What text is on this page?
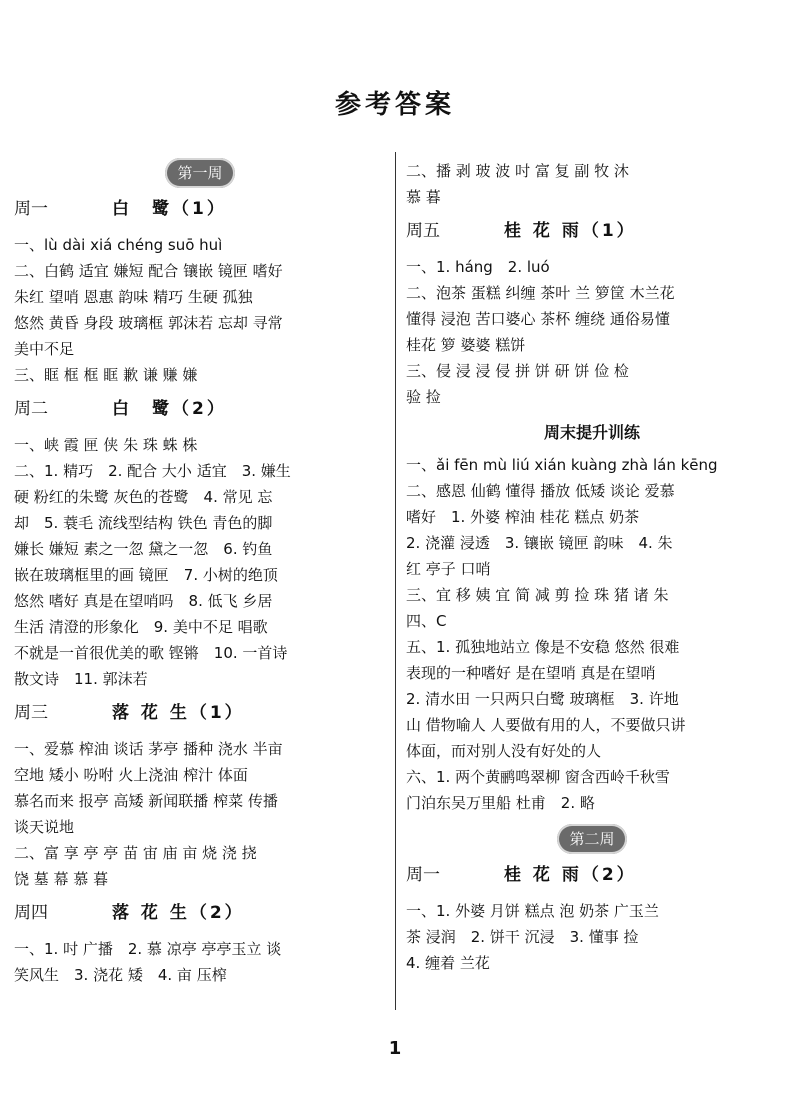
参考答案
第一周
周一	白　鹭（1）
一、lù dài xiá chéng suō huì
二、白鹤 适宜 嫌短 配合 镶嵌 镜匣 嗜好
朱红 望哨 恩惠 韵味 精巧 生硬 孤独
悠然 黄昏 身段 玻璃框 郭沫若 忘却 寻常
美中不足
三、眶 框 框 眶 歉 谦 赚 嫌
周二	白　鹭（2）
一、峡 霞 匣 侠 朱 珠 蛛 株
二、1. 精巧　2. 配合 大小 适宜　3. 嫌生
硬 粉红的朱鹭 灰色的苍鹭　4. 常见 忘
却　5. 蓑毛 流线型结构 铁色 青色的脚
嫌长 嫌短 素之一忽 黛之一忽　6. 钓鱼
嵌在玻璃框里的画 镜匣　7. 小树的绝顶
悠然 嗜好 真是在望哨吗　8. 低飞 乡居
生活 清澄的形象化　9. 美中不足 唱歌
不就是一首很优美的歌 铿锵　10. 一首诗
散文诗　11. 郭沫若
周三	落 花 生（1）
一、爱慕 榨油 谈话 茅亭 播种 浇水 半亩
空地 矮小 吩咐 火上浇油 榨汁 体面
慕名而来 报亭 高矮 新闻联播 榨菜 传播
谈天说地
二、富 享 亭 亭 苗 宙 庙 亩 烧 浇 挠
饶 墓 幕 慕 暮
周四	落 花 生（2）
一、1. 吋 广播　2. 慕 凉亭 亭亭玉立 谈
笑风生　3. 浇花 矮　4. 亩 压榨
二、播 剥 玻 波 吋 富 复 副 牧 沐
慕 暮
周五	桂 花 雨（1）
一、1. háng　2. luó
二、泡茶 蛋糕 纠缠 茶叶 兰 箩筐 木兰花
懂得 浸泡 苦口婆心 茶杯 缠绕 通俗易懂
桂花 箩 婆婆 糕饼
三、侵 浸 浸 侵 拼 饼 研 饼 俭 检
验 捡
周末提升训练
一、ǎi fēn mù liú xián kuàng zhà lán kēng
二、感恩 仙鹤 懂得 播放 低矮 谈论 爱慕
嗜好　1. 外婆 榨油 桂花 糕点 奶茶
2. 浇灌 浸透　3. 镶嵌 镜匣 韵味　4. 朱
红 亭子 口哨
三、宜 移 姨 宜 简 减 剪 捡 珠 猪 诸 朱
四、C
五、1. 孤独地站立 像是不安稳 悠然 很难
表现的一种嗜好 是在望哨 真是在望哨
2. 清水田 一只两只白鹭 玻璃框　3. 许地
山 借物喻人 人要做有用的人，不要做只讲
体面，而对别人没有好处的人
六、1. 两个黄鹂鸣翠柳 窗含西岭千秋雪
门泊东吴万里船 杜甫　2. 略
第二周
周一	桂 花 雨（2）
一、1. 外婆 月饼 糕点 泡 奶茶 广玉兰
茶 浸润　2. 饼干 沉浸　3. 懂事 捡
4. 缠着 兰花
1
